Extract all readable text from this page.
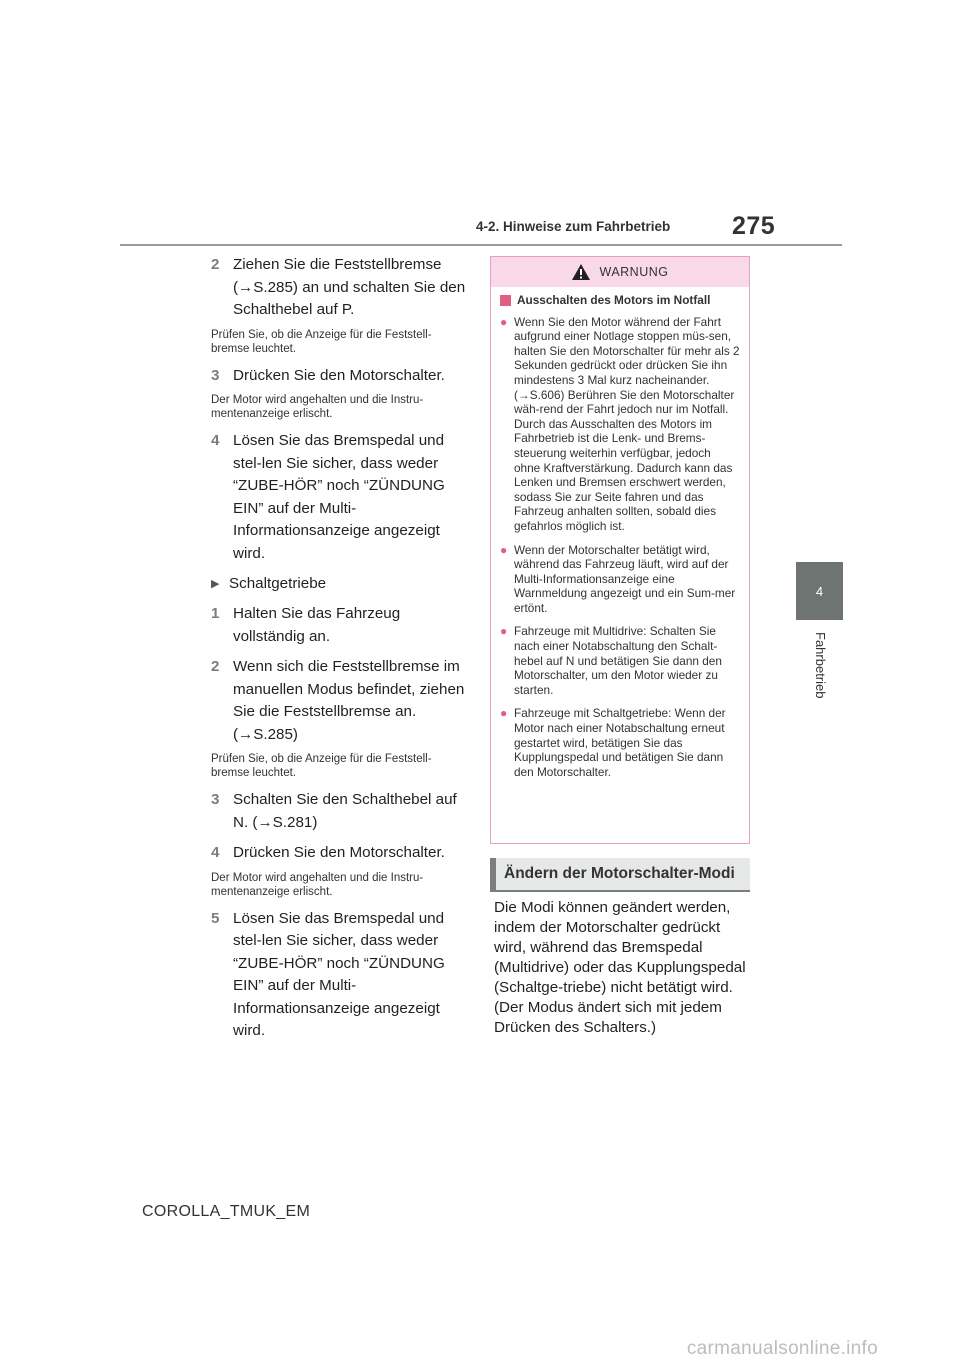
4-2. Hinweise zum Fahrbetrieb	275
4
Fahrbetrieb
2 Ziehen Sie die Feststellbremse (→S.285) an und schalten Sie den Schalthebel auf P.
Prüfen Sie, ob die Anzeige für die Feststell-bremse leuchtet.
3 Drücken Sie den Motorschalter.
Der Motor wird angehalten und die Instru-mentenanzeige erlischt.
4 Lösen Sie das Bremspedal und stel-len Sie sicher, dass weder “ZUBE-HÖR” noch “ZÜNDUNG EIN” auf der Multi-Informationsanzeige angezeigt wird.
▶ Schaltgetriebe
1 Halten Sie das Fahrzeug vollständig an.
2 Wenn sich die Feststellbremse im manuellen Modus befindet, ziehen Sie die Feststellbremse an. (→S.285)
Prüfen Sie, ob die Anzeige für die Feststell-bremse leuchtet.
3 Schalten Sie den Schalthebel auf N. (→S.281)
4 Drücken Sie den Motorschalter.
Der Motor wird angehalten und die Instru-mentenanzeige erlischt.
5 Lösen Sie das Bremspedal und stel-len Sie sicher, dass weder “ZUBE-HÖR” noch “ZÜNDUNG EIN” auf der Multi-Informationsanzeige angezeigt wird.
WARNUNG
Ausschalten des Motors im Notfall
● Wenn Sie den Motor während der Fahrt aufgrund einer Notlage stoppen müs-sen, halten Sie den Motorschalter für mehr als 2 Sekunden gedrückt oder drücken Sie ihn mindestens 3 Mal kurz nacheinander. (→S.606) Berühren Sie den Motorschalter wäh-rend der Fahrt jedoch nur im Notfall. Durch das Ausschalten des Motors im Fahrbetrieb ist die Lenk- und Brems-steuerung weiterhin verfügbar, jedoch ohne Kraftverstärkung. Dadurch kann das Lenken und Bremsen erschwert werden, sodass Sie zur Seite fahren und das Fahrzeug anhalten sollten, sobald dies gefahrlos möglich ist.
● Wenn der Motorschalter betätigt wird, während das Fahrzeug läuft, wird auf der Multi-Informationsanzeige eine Warnmeldung angezeigt und ein Sum-mer ertönt.
● Fahrzeuge mit Multidrive: Schalten Sie nach einer Notabschaltung den Schalt-hebel auf N und betätigen Sie dann den Motorschalter, um den Motor wieder zu starten.
● Fahrzeuge mit Schaltgetriebe: Wenn der Motor nach einer Notabschaltung erneut gestartet wird, betätigen Sie das Kupplungspedal und betätigen Sie dann den Motorschalter.
Ändern der Motorschalter-Modi
Die Modi können geändert werden, indem der Motorschalter gedrückt wird, während das Bremspedal (Multidrive) oder das Kupplungspedal (Schaltge-triebe) nicht betätigt wird. (Der Modus ändert sich mit jedem Drücken des Schalters.)
COROLLA_TMUK_EM
carmanualsonline.info
